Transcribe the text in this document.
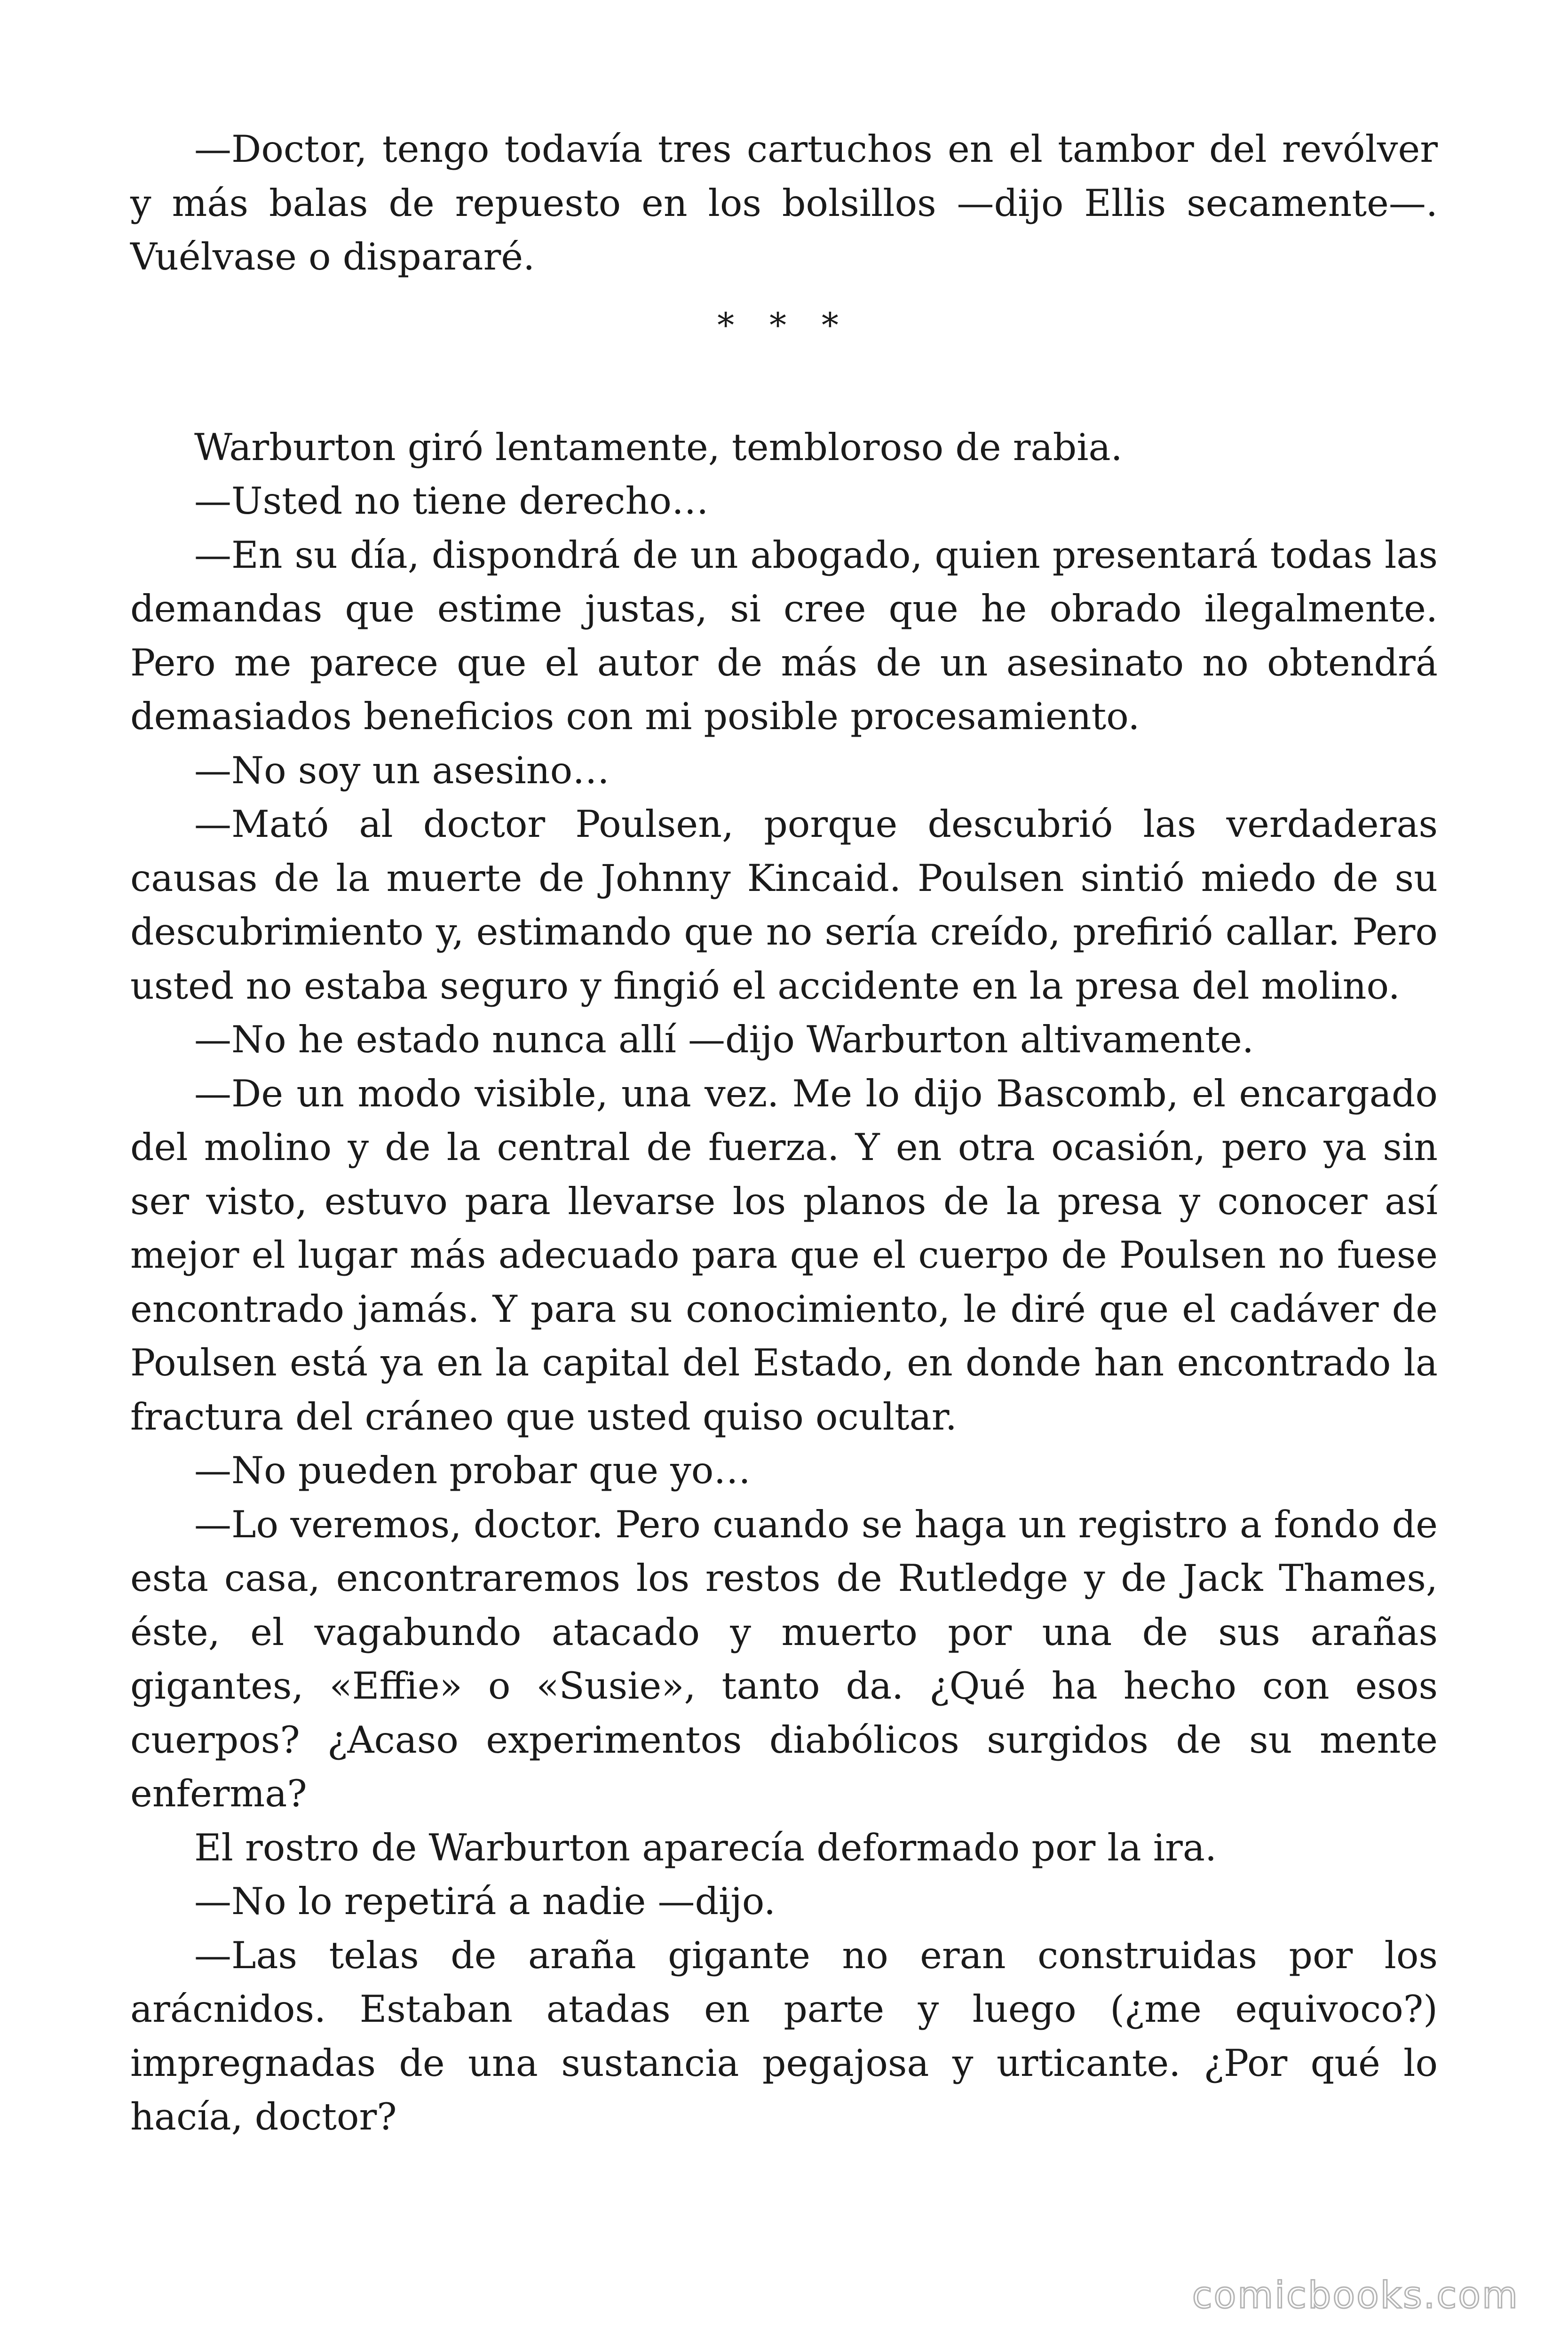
—Doctor, tengo todavía tres cartuchos en el tambor del revólver y más balas de repuesto en los bolsillos —dijo Ellis secamente—. Vuélvase o dispararé.

* * *

Warburton giró lentamente, tembloroso de rabia.

—Usted no tiene derecho…

—En su día, dispondrá de un abogado, quien presentará todas las demandas que estime justas, si cree que he obrado ilegalmente. Pero me parece que el autor de más de un asesinato no obtendrá demasiados beneficios con mi posible procesamiento.

—No soy un asesino…

—Mató al doctor Poulsen, porque descubrió las verdaderas causas de la muerte de Johnny Kincaid. Poulsen sintió miedo de su descubrimiento y, estimando que no sería creído, prefirió callar. Pero usted no estaba seguro y fingió el accidente en la presa del molino.

—No he estado nunca allí —dijo Warburton altivamente.

—De un modo visible, una vez. Me lo dijo Bascomb, el encargado del molino y de la central de fuerza. Y en otra ocasión, pero ya sin ser visto, estuvo para llevarse los planos de la presa y conocer así mejor el lugar más adecuado para que el cuerpo de Poulsen no fuese encontrado jamás. Y para su conocimiento, le diré que el cadáver de Poulsen está ya en la capital del Estado, en donde han encontrado la fractura del cráneo que usted quiso ocultar.

—No pueden probar que yo…

—Lo veremos, doctor. Pero cuando se haga un registro a fondo de esta casa, encontraremos los restos de Rutledge y de Jack Thames, éste, el vagabundo atacado y muerto por una de sus arañas gigantes, «Effie» o «Susie», tanto da. ¿Qué ha hecho con esos cuerpos? ¿Acaso experimentos diabólicos surgidos de su mente enferma?

El rostro de Warburton aparecía deformado por la ira.

—No lo repetirá a nadie —dijo.

—Las telas de araña gigante no eran construidas por los arácnidos. Estaban atadas en parte y luego (¿me equivoco?) impregnadas de una sustancia pegajosa y urticante. ¿Por qué lo hacía, doctor?

comicbooks.com
